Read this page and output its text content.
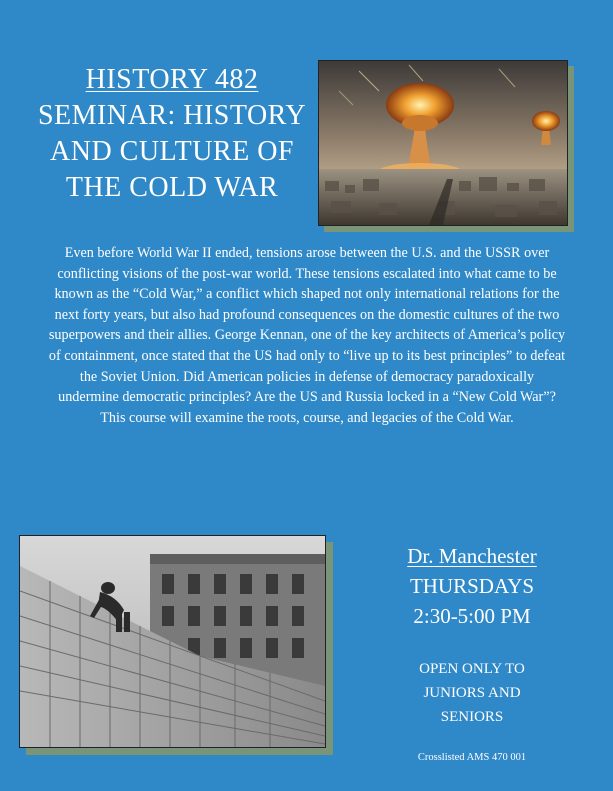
HISTORY 482
SEMINAR: HISTORY
AND CULTURE OF
THE COLD WAR
Even before World War II ended, tensions arose between the U.S. and the USSR over conflicting visions of the post-war world. These tensions escalated into what came to be known as the “Cold War,” a conflict which shaped not only international relations for the next forty years, but also had profound consequences on the domestic cultures of the two superpowers and their allies. George Kennan, one of the key architects of America’s policy of containment, once stated that the US had only to “live up to its best principles” to defeat the Soviet Union. Did American policies in defense of democracy paradoxically undermine democratic principles? Are the US and Russia locked in a “New Cold War”? This course will examine the roots, course, and legacies of the Cold War.
Dr. Manchester
THURSDAYS
2:30-5:00 PM
OPEN ONLY TO
JUNIORS AND
SENIORS
Crosslisted AMS 470 001
